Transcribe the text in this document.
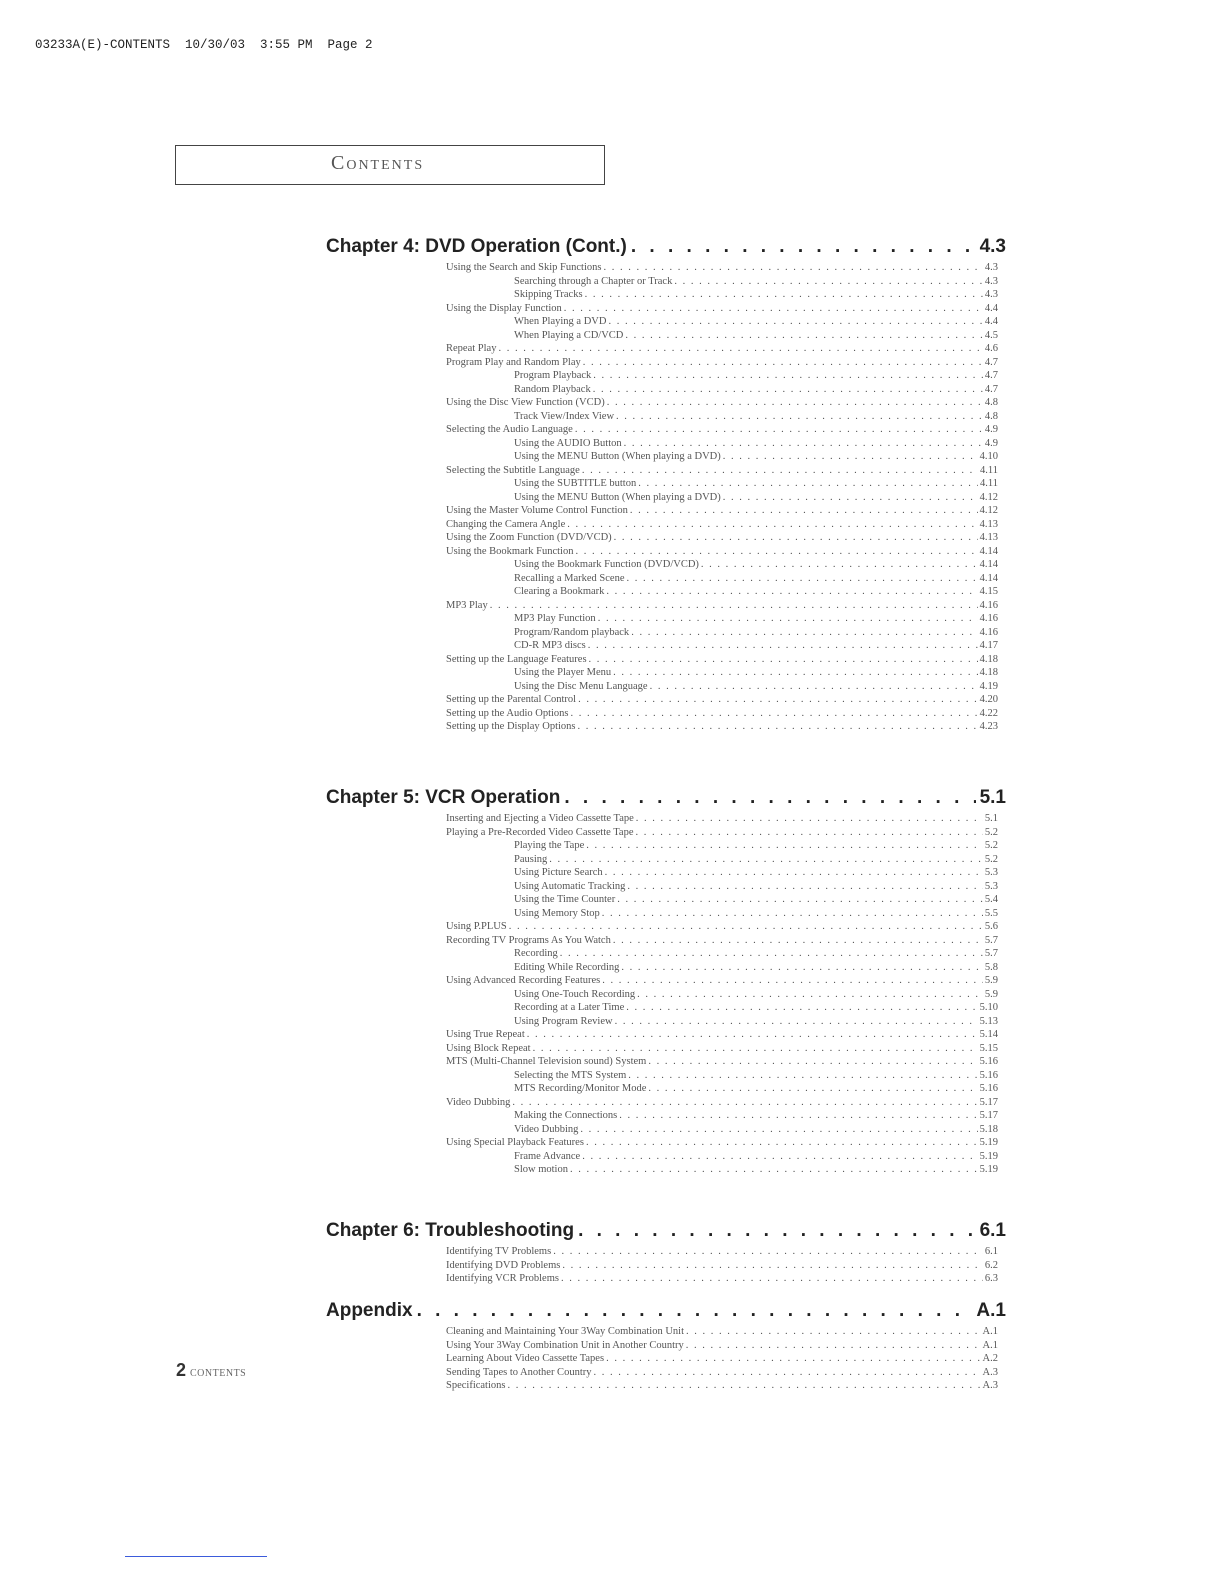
03233A(E)-CONTENTS  10/30/03  3:55 PM  Page 2
Contents
Chapter 4: DVD Operation (Cont.) . . .	4.3
Using the Search and Skip Functions . . .	4.3
Searching through a Chapter or Track . . .	4.3
Skipping Tracks . . .	4.3
Using the Display Function . . .	4.4
When Playing a DVD . . .	4.4
When Playing a CD/VCD . . .	4.5
Repeat Play . . .	4.6
Program Play and Random Play . . .	4.7
Program Playback . . .	4.7
Random Playback . . .	4.7
Using the Disc View Function (VCD) . . .	4.8
Track View/Index View . . .	4.8
Selecting the Audio Language . . .	4.9
Using the AUDIO Button . . .	4.9
Using the MENU Button (When playing a DVD) . . .	4.10
Selecting the Subtitle Language . . .	4.11
Using the SUBTITLE button . . .	4.11
Using the MENU Button (When playing a DVD) . . .	4.12
Using the Master Volume Control Function . . .	4.12
Changing the Camera Angle . . .	4.13
Using the Zoom Function (DVD/VCD) . . .	4.13
Using the Bookmark Function . . .	4.14
Using the Bookmark Function (DVD/VCD) . . .	4.14
Recalling a Marked Scene . . .	4.14
Clearing a Bookmark . . .	4.15
MP3 Play . . .	4.16
MP3 Play Function . . .	4.16
Program/Random playback . . .	4.16
CD-R MP3 discs . . .	4.17
Setting up the Language Features . . .	4.18
Using the Player Menu . . .	4.18
Using the Disc Menu Language . . .	4.19
Setting up the Parental Control . . .	4.20
Setting up the Audio Options . . .	4.22
Setting up the Display Options . . .	4.23
Chapter 5: VCR Operation . . .	5.1
Inserting and Ejecting a Video Cassette Tape . . .	5.1
Playing a Pre-Recorded Video Cassette Tape . . .	5.2
Playing the Tape . . .	5.2
Pausing . . .	5.2
Using Picture Search . . .	5.3
Using Automatic Tracking . . .	5.3
Using the Time Counter . . .	5.4
Using Memory Stop . . .	5.5
Using P.PLUS . . .	5.6
Recording TV Programs As You Watch . . .	5.7
Recording . . .	5.7
Editing While Recording . . .	5.8
Using Advanced Recording Features . . .	5.9
Using One-Touch Recording . . .	5.9
Recording at a Later Time . . .	5.10
Using Program Review . . .	5.13
Using True Repeat . . .	5.14
Using Block Repeat . . .	5.15
MTS (Multi-Channel Television sound) System . . .	5.16
Selecting the MTS System . . .	5.16
MTS Recording/Monitor Mode . . .	5.16
Video Dubbing . . .	5.17
Making the Connections . . .	5.17
Video Dubbing . . .	5.18
Using Special Playback Features . . .	5.19
Frame Advance . . .	5.19
Slow motion . . .	5.19
Chapter 6: Troubleshooting . . .	6.1
Identifying TV Problems . . .	6.1
Identifying DVD Problems . . .	6.2
Identifying VCR Problems . . .	6.3
Appendix . . .	A.1
Cleaning and Maintaining Your 3Way Combination Unit . . .	A.1
Using Your 3Way Combination Unit in Another Country . . .	A.1
Learning About Video Cassette Tapes . . .	A.2
Sending Tapes to Another Country . . .	A.3
Specifications . . .	A.3
2 CONTENTS
